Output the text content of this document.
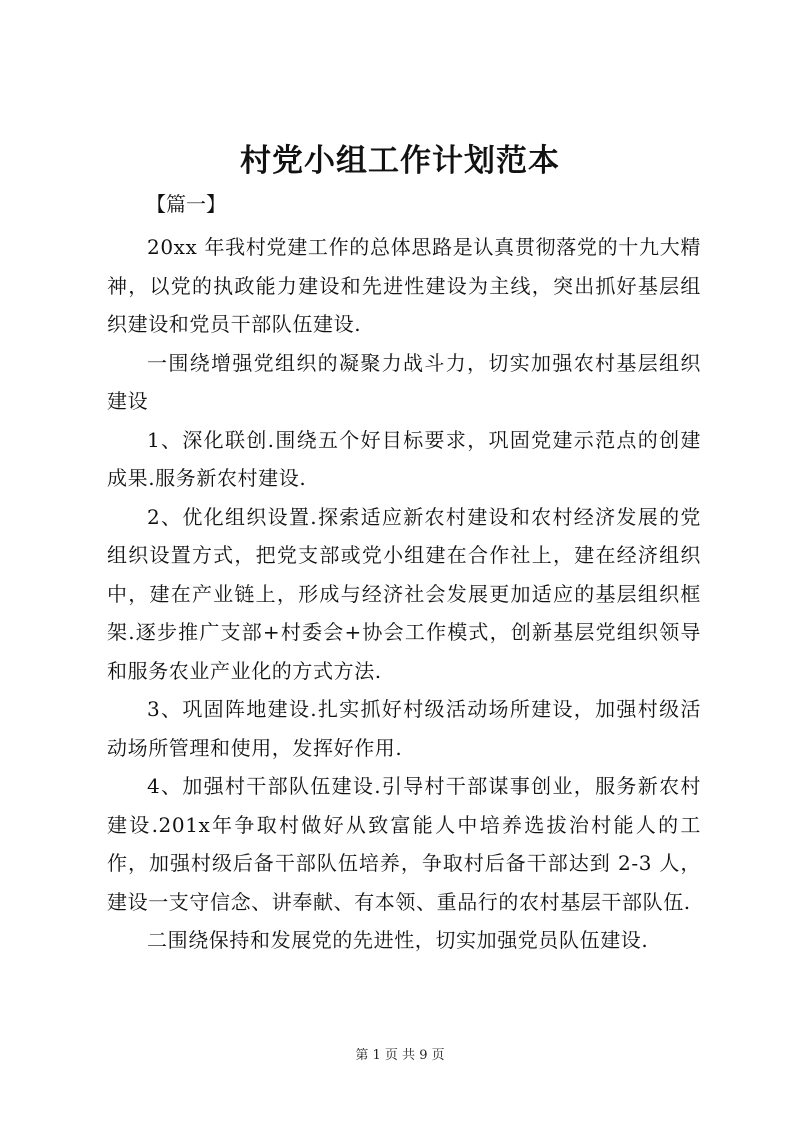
村党小组工作计划范本
【篇一】

20xx 年我村党建工作的总体思路是认真贯彻落党的十九大精神，以党的执政能力建设和先进性建设为主线，突出抓好基层组织建设和党员干部队伍建设.

一围绕增强党组织的凝聚力战斗力，切实加强农村基层组织建设

1、深化联创.围绕五个好目标要求，巩固党建示范点的创建成果.服务新农村建设.

2、优化组织设置.探索适应新农村建设和农村经济发展的党组织设置方式，把党支部或党小组建在合作社上，建在经济组织中，建在产业链上，形成与经济社会发展更加适应的基层组织框架.逐步推广支部+村委会+协会工作模式，创新基层党组织领导和服务农业产业化的方式方法.

3、巩固阵地建设.扎实抓好村级活动场所建设，加强村级活动场所管理和使用，发挥好作用.

4、加强村干部队伍建设.引导村干部谋事创业，服务新农村建设.201x年争取村做好从致富能人中培养选拔治村能人的工作，加强村级后备干部队伍培养，争取村后备干部达到 2-3 人，建设一支守信念、讲奉献、有本领、重品行的农村基层干部队伍.

二围绕保持和发展党的先进性，切实加强党员队伍建设.

第 1 页 共 9 页
